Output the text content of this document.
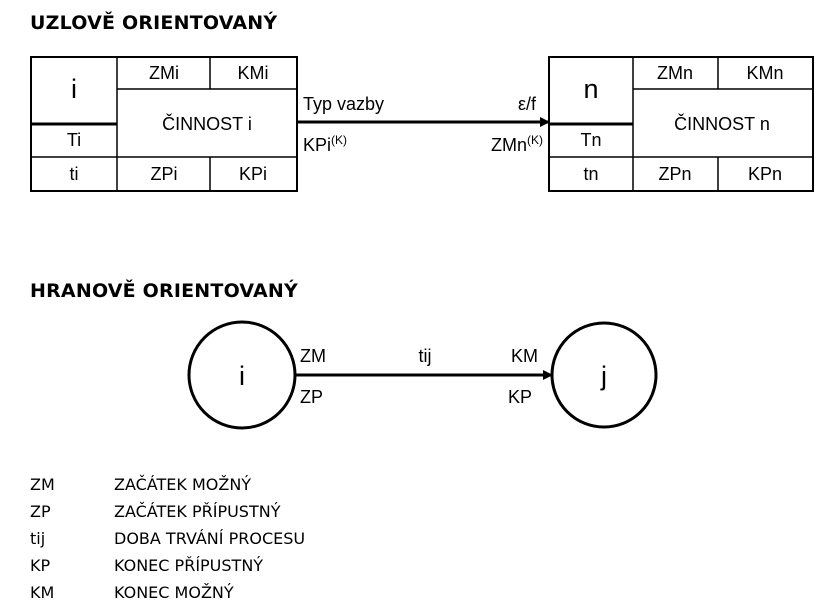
UZLOVĚ ORIENTOVANÝ
i
ZMi	KMi
ČINNOST i
Ti
ti	ZPi	KPi
n
ZMn	KMn
ČINNOST n
Tn
tn	ZPn	KPn
Typ vazby	ε/f
KPi$^{(K)}$	ZMn$^{(K)}$
i	j
ZM
ZP
tij	KM
KP
HRANOVĚ ORIENTOVANÝ
ZM	ZAČÁTEK MOŽNÝ
ZP	ZAČÁTEK PŘÍPUSTNÝ
tij	DOBA TRVÁNÍ PROCESU
KP	KONEC PŘÍPUSTNÝ
KM	KONEC MOŽNÝ
